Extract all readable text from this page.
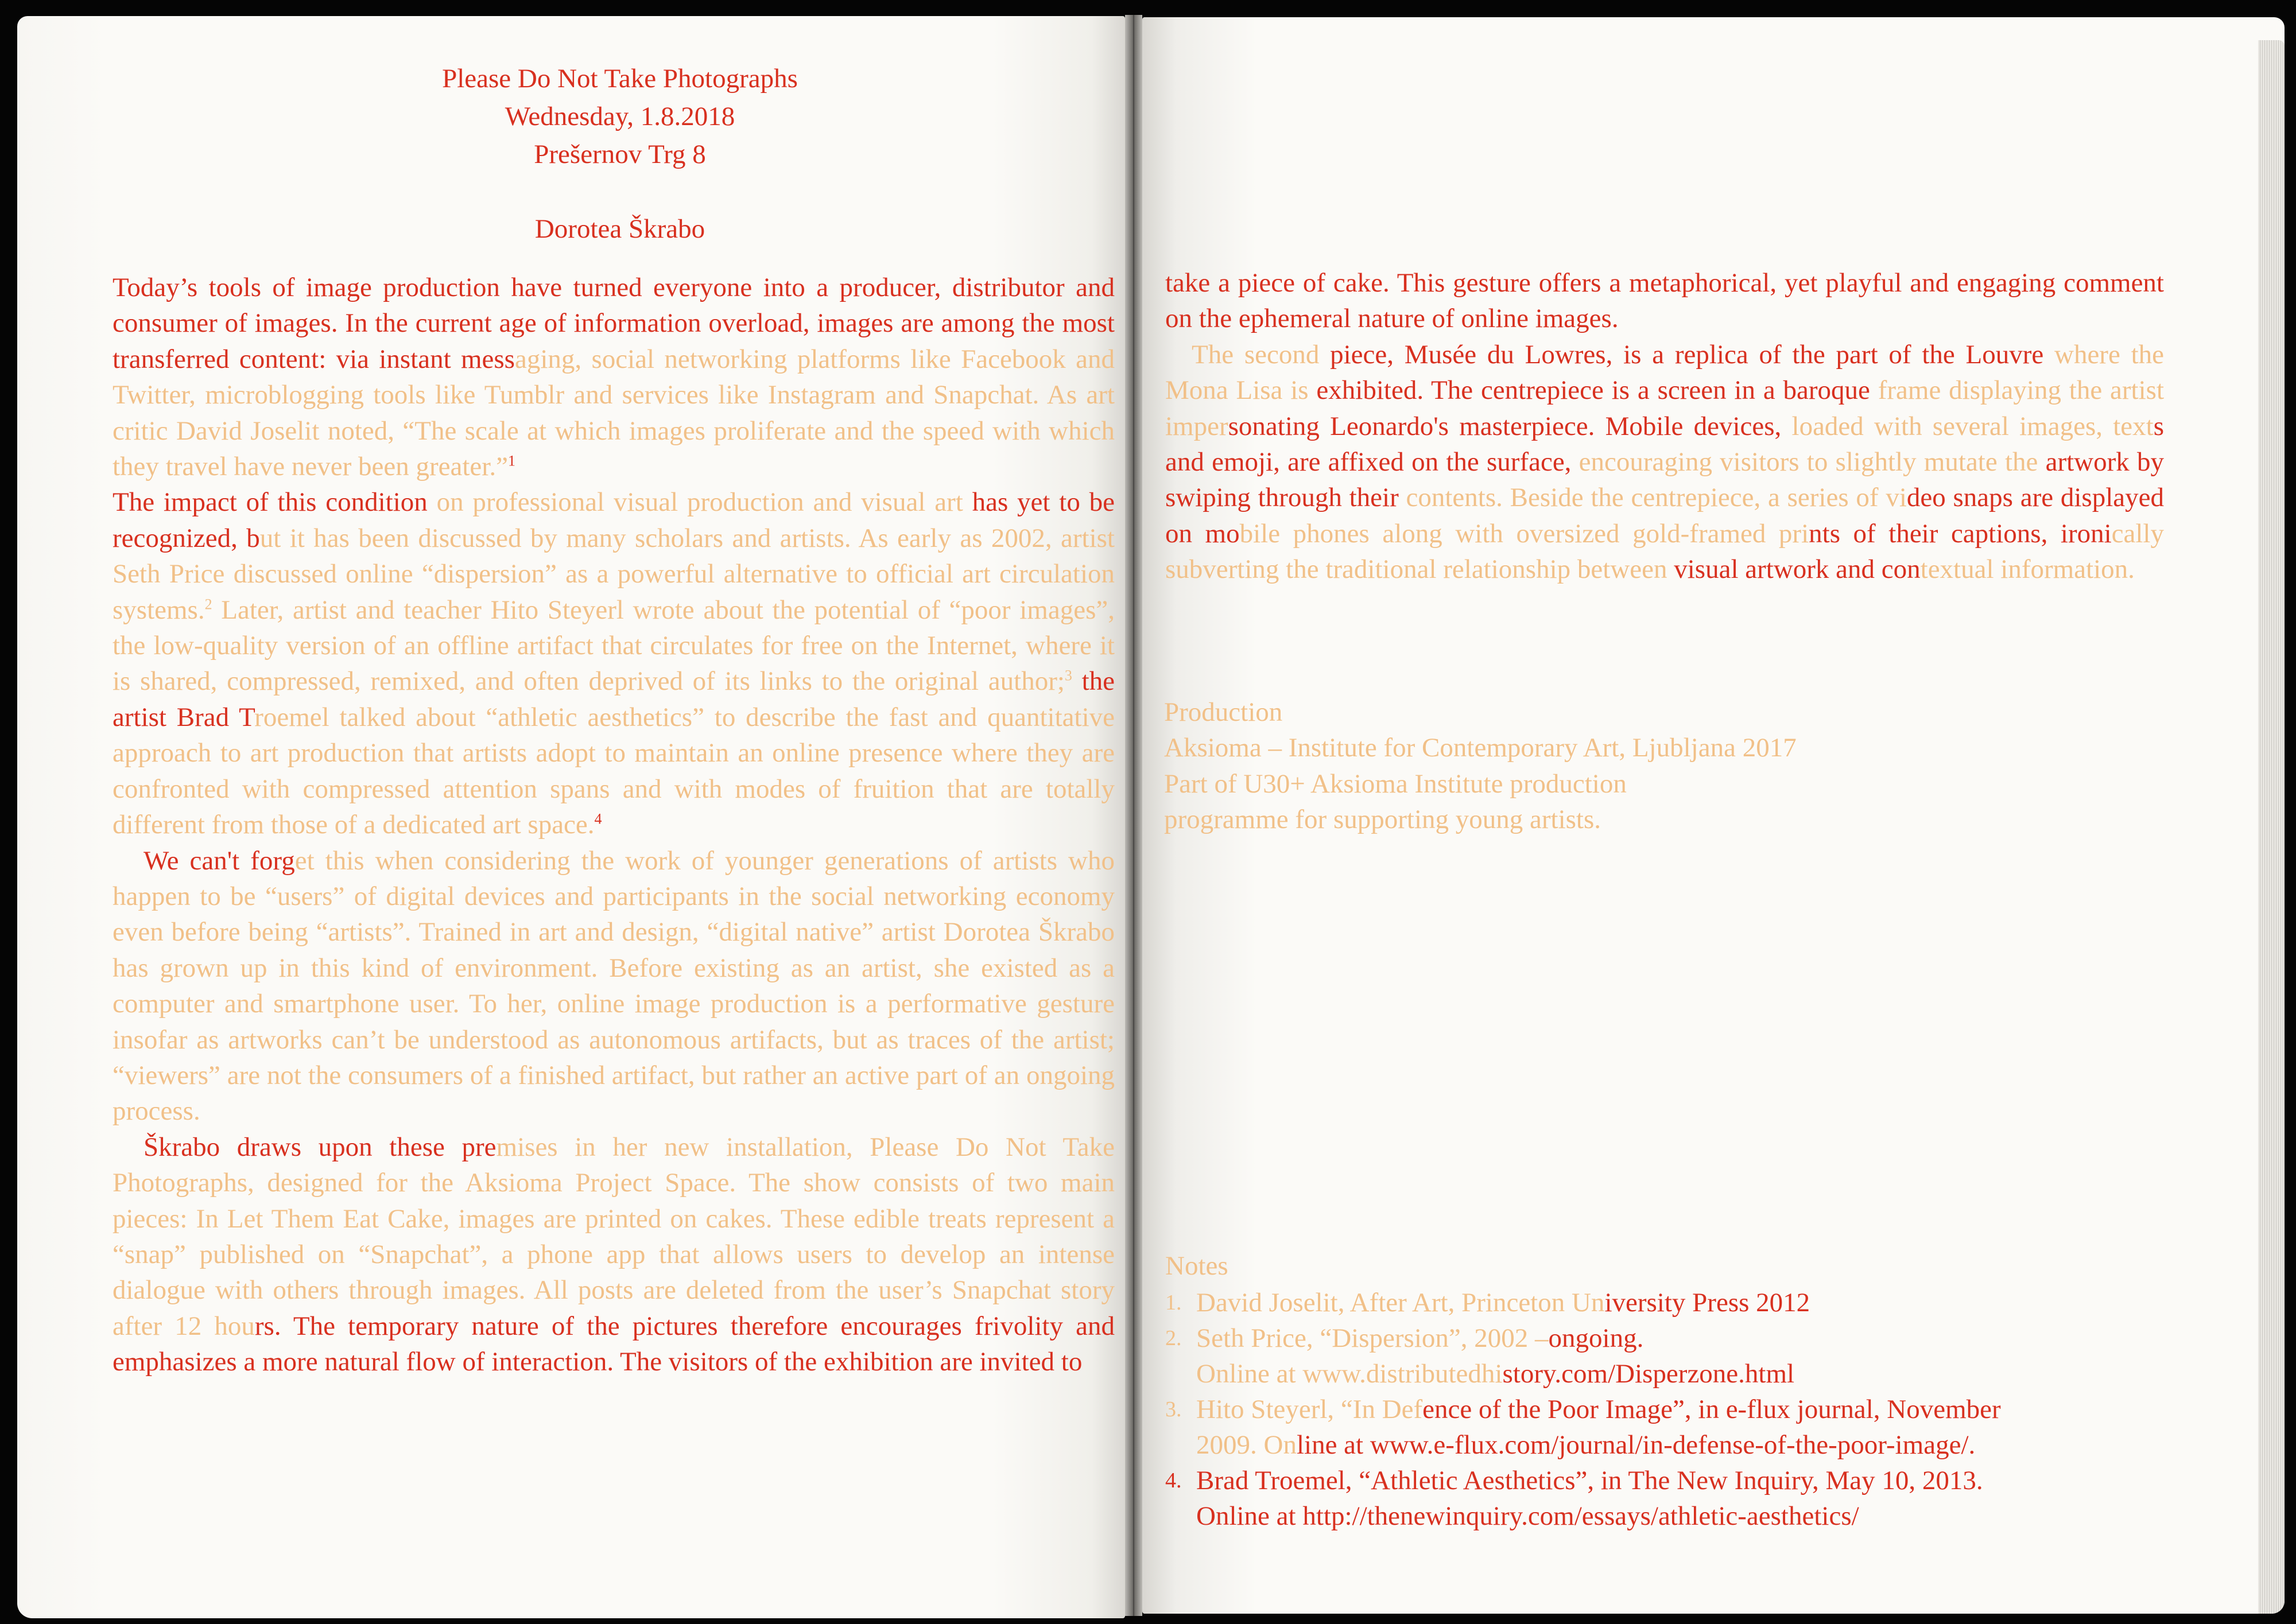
Please Do Not Take Photographs
Wednesday, 1.8.2018
Prešernov Trg 8
Dorotea Škrabo

Today’s tools of image production have turned everyone into a producer, distributor and consumer of images. In the current age of information overload, images are among the most transferred content: via instant messaging, social networking platforms like Facebook and Twitter, microblogging tools like Tumblr and services like Instagram and Snapchat. As art critic David Joselit noted, “The scale at which images proliferate and the speed with which they travel have never been greater.”$^1$

The impact of this condition on professional visual production and visual art has yet to be recognized, but it has been discussed by many scholars and artists. As early as 2002, artist Seth Price discussed online “dispersion” as a powerful alternative to official art circulation systems.$^2$ Later, artist and teacher Hito Steyerl wrote about the potential of “poor images”, the low-quality version of an offline artifact that circulates for free on the Internet, where it is shared, compressed, remixed, and often deprived of its links to the original author;$^3$ the artist Brad Troemel talked about “athletic aesthetics” to describe the fast and quantitative approach to art production that artists adopt to maintain an online presence where they are confronted with compressed attention spans and with modes of fruition that are totally different from those of a dedicated art space.$^4$

We can't forget this when considering the work of younger generations of artists who happen to be “users” of digital devices and participants in the social networking economy even before being “artists”. Trained in art and design, “digital native” artist Dorotea Škrabo has grown up in this kind of environment. Before existing as an artist, she existed as a computer and smartphone user. To her, online image production is a performative gesture insofar as artworks can’t be understood as autonomous artifacts, but as traces of the artist; “viewers” are not the consumers of a finished artifact, but rather an active part of an ongoing process.

Škrabo draws upon these premises in her new installation, Please Do Not Take Photographs, designed for the Aksioma Project Space. The show consists of two main pieces: In Let Them Eat Cake, images are printed on cakes. These edible treats represent a “snap” published on “Snapchat”, a phone app that allows users to develop an intense dialogue with others through images. All posts are deleted from the user’s Snapchat story after 12 hours. The temporary nature of the pictures therefore encourages frivolity and emphasizes a more natural flow of interaction. The visitors of the exhibition are invited to

take a piece of cake. This gesture offers a metaphorical, yet playful and engaging comment on the ephemeral nature of online images.

The second piece, Musée du Lowres, is a replica of the part of the Louvre where the Mona Lisa is exhibited. The centrepiece is a screen in a baroque frame displaying the artist impersonating Leonardo's masterpiece. Mobile devices, loaded with several images, texts and emoji, are affixed on the surface, encouraging visitors to slightly mutate the artwork by swiping through their contents. Beside the centrepiece, a series of video snaps are displayed on mobile phones along with oversized gold-framed prints of their captions, ironically subverting the traditional relationship between visual artwork and contextual information.

Production
Aksioma – Institute for Contemporary Art, Ljubljana 2017
Part of U30+ Aksioma Institute production
programme for supporting young artists.
Notes
1. David Joselit, After Art, Princeton University Press 2012
2. Seth Price, “Dispersion”, 2002 –ongoing.
Online at www.distributedhistory.com/Disperzone.html
3. Hito Steyerl, “In Defence of the Poor Image”, in e-flux journal, November
2009. Online at www.e-flux.com/journal/in-defense-of-the-poor-image/.
4. Brad Troemel, “Athletic Aesthetics”, in The New Inquiry, May 10, 2013.
Online at http://thenewinquiry.com/essays/athletic-aesthetics/
